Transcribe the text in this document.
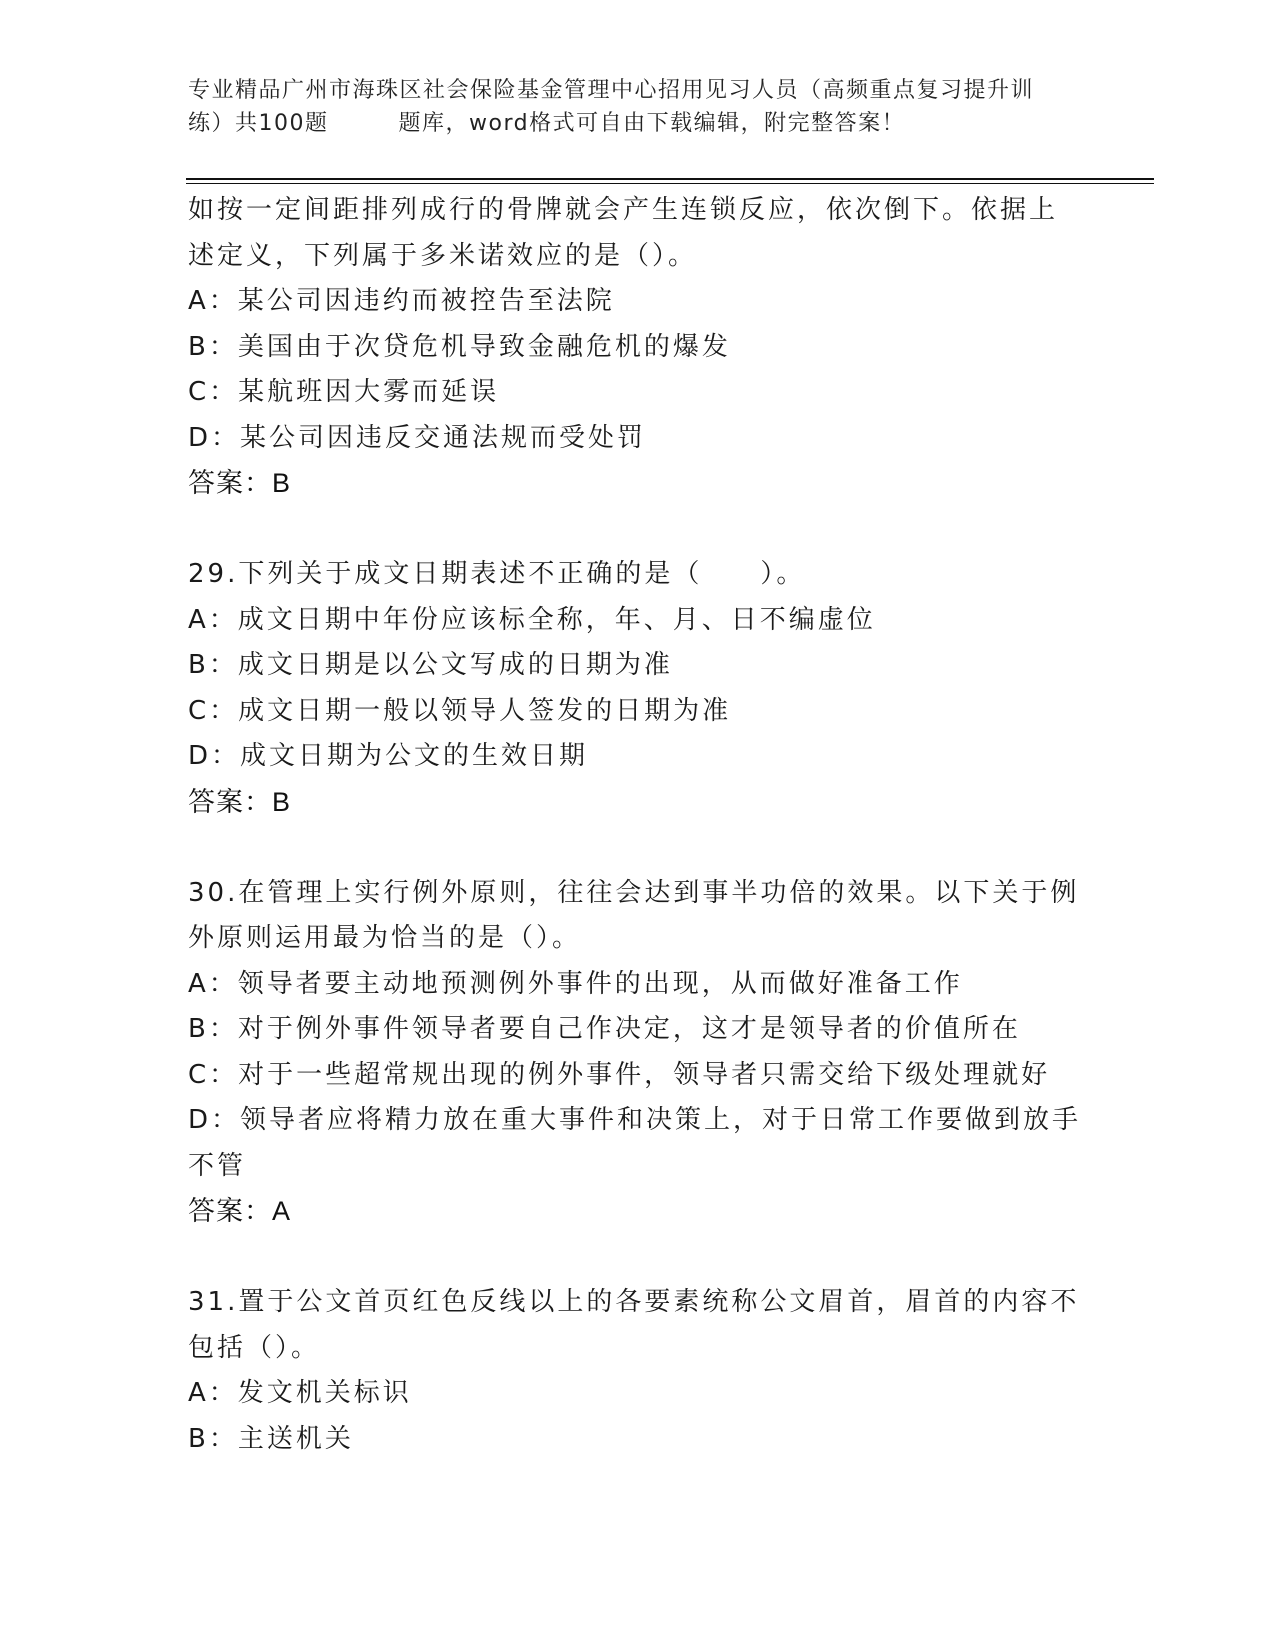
专业精品广州市海珠区社会保险基金管理中心招用见习人员（高频重点复习提升训
练）共100题	题库，word格式可自由下载编辑，附完整答案！
如按一定间距排列成行的骨牌就会产生连锁反应，依次倒下。依据上
述定义，下列属于多米诺效应的是（）。
A：某公司因违约而被控告至法院
B：美国由于次贷危机导致金融危机的爆发
C：某航班因大雾而延误
D：某公司因违反交通法规而受处罚
答案：B
29.下列关于成文日期表述不正确的是（　　）。
A：成文日期中年份应该标全称，年、月、日不编虚位
B：成文日期是以公文写成的日期为准
C：成文日期一般以领导人签发的日期为准
D：成文日期为公文的生效日期
答案：B
30.在管理上实行例外原则，往往会达到事半功倍的效果。以下关于例
外原则运用最为恰当的是（）。
A：领导者要主动地预测例外事件的出现，从而做好准备工作
B：对于例外事件领导者要自己作决定，这才是领导者的价值所在
C：对于一些超常规出现的例外事件，领导者只需交给下级处理就好
D：领导者应将精力放在重大事件和决策上，对于日常工作要做到放手
不管
答案：A
31.置于公文首页红色反线以上的各要素统称公文眉首，眉首的内容不
包括（）。
A：发文机关标识
B：主送机关
